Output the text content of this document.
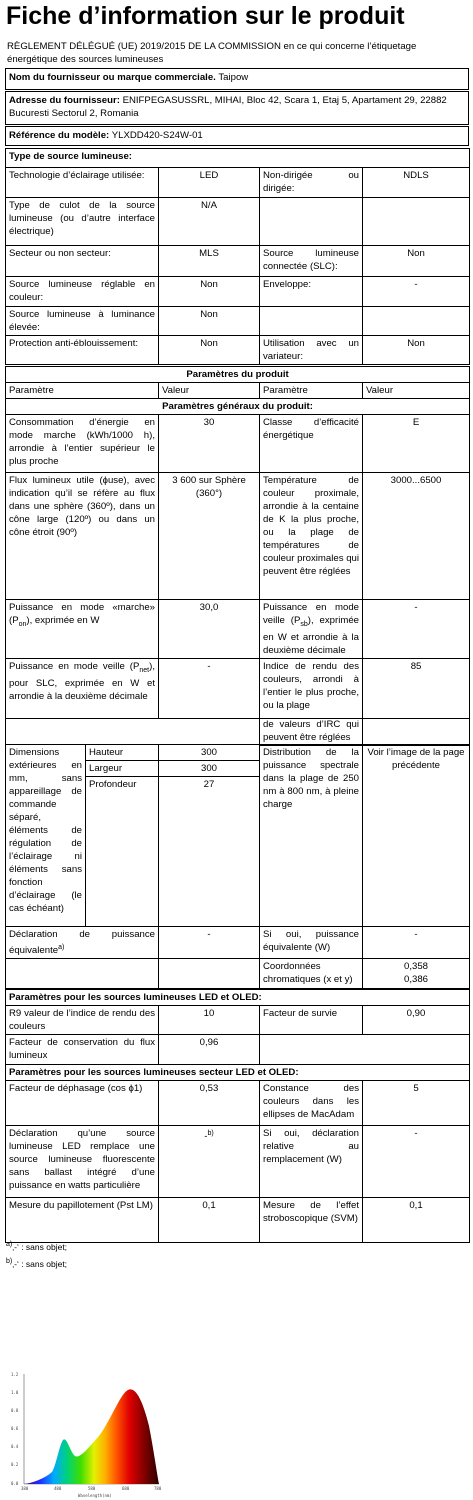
Fiche d’information sur le produit
RÈGLEMENT DÉLÉGUÉ (UE) 2019/2015 DE LA COMMISSION en ce qui concerne l’étiquetage énergétique des sources lumineuses
Nom du fournisseur ou marque commerciale. Taipow
Adresse du fournisseur: ENIFPEGASUSSRL, MIHAI, Bloc 42, Scara 1, Etaj 5, Apartament 29, 22882 Bucuresti Sectorul 2, Romania
Référence du modèle: YLXDD420-S24W-01
Type de source lumineuse:			
Technologie d’éclairage utilisée:	LED	Non-dirigée ou dirigée:	NDLS
Type de culot de la source lumineuse (ou d’autre interface électrique)	N/A		
Secteur ou non secteur:	MLS	Source lumineuse connectée (SLC):	Non
Source lumineuse réglable en couleur:	Non	Enveloppe:	-
Source lumineuse à luminance élevée:	Non		
Protection anti-éblouissement:	Non	Utilisation avec un variateur:	Non
Paramètres du produit			
Paramètre	Valeur	Paramètre	Valeur
Paramètres généraux du produit:			
Consommation d’énergie en mode marche (kWh/1000 h), arrondie à l’entier supérieur le plus proche	30	Classe d’efficacité énergétique	E
Flux lumineux utile (ɸuse), avec indication qu’il se réfère au flux dans une sphère (360º), dans un cône large (120º) ou dans un cône étroit (90º)	3 600 sur Sphère (360°)	Température de couleur proximale, arrondie à la centaine de K la plus proche, ou la plage de températures de couleur proximales qui peuvent être réglées	3000...6500
Puissance en mode «marche» $(P_{on})$, exprimée en W	30,0	Puissance en mode veille $(P_{sb})$, exprimée en W et arrondie à la deuxième décimale	-
Puissance en mode veille $(P_{net})$, pour SLC, exprimée en W et arrondie à la deuxième décimale	-	Indice de rendu des couleurs, arrondi à l’entier le plus proche, ou la plage	85
	de valeurs d’IRC qui peuvent être réglées	
Dimensions extérieures en mm, sans appareillage de commande séparé, éléments de régulation de l’éclairage ni éléments sans fonction d’éclairage (le cas échéant)	Hauteur	300	Distribution de la puissance spectrale dans la plage de 250 nm à 800 nm, à pleine charge	Voir l’image de la page précédente
	Largeur	300		
	Profondeur	27		

Déclaration de puissance équivalente$^{a)}$		-	Si oui, puissance équivalente (W)	-
			Coordonnées chromatiques (x et y)	0,358
0,386
Paramètres pour les sources lumineuses LED et OLED:			
R9 valeur de l’indice de rendu des couleurs	10	Facteur de survie	0,90
Facteur de conservation du flux lumineux	0,96		
Paramètres pour les sources lumineuses secteur LED et OLED:			
Facteur de déphasage (cos ϕ1)	0,53	Constance des couleurs dans les ellipses de MacAdam	5
Déclaration qu’une source lumineuse LED remplace une source lumineuse fluorescente sans ballast intégré d’une puissance en watts particulière	-$^{b)}$	Si oui, déclaration relative au remplacement (W)	-
Mesure du papillotement (Pst LM)	0,1	Mesure de l’effet stroboscopique (SVM)	0,1
$^{a)}$‚-‘ : sans objet;
$^{b)}$‚-‘ : sans objet;
1.2
1.0
0.8
0.6
0.4
0.2
0.0
380	480	580	680	780
Wavelength(nm)
